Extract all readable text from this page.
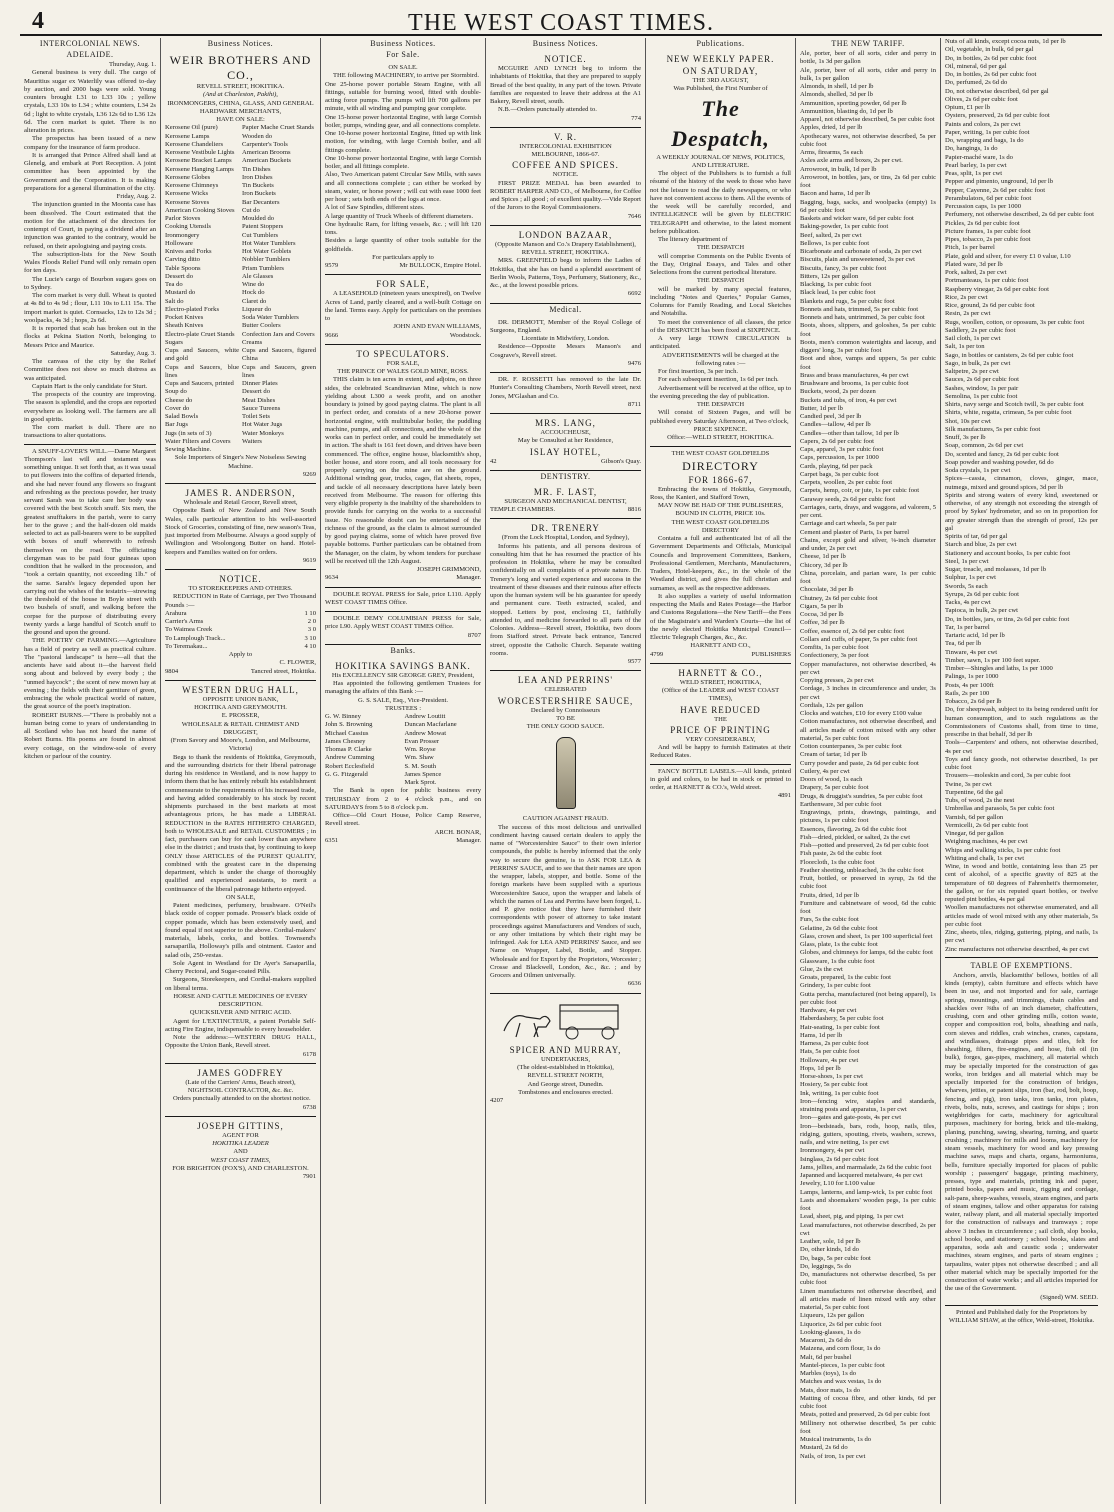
4	THE WEST COAST TIMES.
INTERCOLONIAL NEWS.
ADELAIDE.
Thursday, Aug. 1.

General business is very dull. The cargo of Mauritius sugar ex Waterlily was offered to-day by auction, and 2000 bags were sold. Young counters brought L31 to L33 10s ; yellow crystals, L33 10s to L34 ; white counters, L34 2s 6d ; light to white crystals, L36 12s 6d to L36 12s 6d. The corn market is quiet. There is no alteration in prices.

The prospectus has been issued of a new company for the insurance of farm produce.

It is arranged that Prince Alfred shall land at Glenelg, and embark at Port Reception. A joint committee has been appointed by the Government and the Corporation. It is making preparations for a general illumination of the city.

Friday, Aug. 2.

The injunction granted in the Moonta case has been dissolved. The Court estimated that the motion for the attachment of the directors for contempt of Court, in paying a dividend after an injunction was granted to the contrary, would be refused, on their apologising and paying costs.

The subscription-lists for the New South Wales Floods Relief Fund will only remain open for ten days.

The Lucie's cargo of Bourbon sugars goes on to Sydney.

The corn market is very dull. Wheat is quoted at 4s 8d to 4s 9d ; flour, L11 10s to L11 15s. The import market is quiet. Cornsacks, 12s to 12s 3d ; woolpacks, 4s 3d ; hops, 2s 6d.

It is reported that scab has broken out in the flocks at Pekina Station North, belonging to Messrs Price and Maurice.

Saturday, Aug. 3.

The canvass of the city by the Relief Committee does not show so much distress as was anticipated.

Captain Hart is the only candidate for Sturt.

The prospects of the country are improving. The season is splendid, and the crops are reported everywhere as looking well. The farmers are all in good spirits.

The corn market is dull. There are no transactions to alter quotations.

A SNUFF-LOVER'S WILL.—Dame Margaret Thompson's last will and testament was something unique. It set forth that, as it was usual to put flowers into the coffins of departed friends, and she had never found any flowers so fragrant and refreshing as the precious powder, her trusty servant Sarah was to take care her body was covered with the best Scotch snuff. Six men, the greatest snufftakers in the parish, were to carry her to the grave ; and the half-dozen old maids selected to act as pall-bearers were to be supplied with boxes of snuff wherewith to refresh themselves on the road. The officiating clergyman was to be paid four guineas upon condition that he walked in the procession, and "took a certain quantity, not exceeding 1lb." of the same. Sarah's legacy depended upon her carrying out the wishes of the testatrix—strewing the threshold of the house in Boyle street with two bushels of snuff, and walking before the corpse for the purpose of distributing every twenty yards a large handful of Scotch snuff to the ground and upon the ground.

THE POETRY OF FARMING.—Agriculture has a field of poetry as well as practical culture. The "pastoral landscape" is here—all that the ancients have said about it—the harvest field song about and beloved by every body ; the "unmed haycock" ; the scent of new mown hay at evening ; the fields with their garniture of green, embracing the whole practical world of nature, the great source of the poet's inspiration.

ROBERT BURNS.—"There is probably not a human being come to years of understanding in all Scotland who has not heard the name of Robert Burns. His poems are found in almost every cottage, on the window-sole of every kitchen or parlour of the country.

Business Notices.
WEIR BROTHERS AND CO.,
REVELL STREET, HOKITIKA.
(And at Charleston, Pakihi),
IRONMONGERS, CHINA, GLASS, AND GENERAL HARDWARE MERCHANTS,
HAVE ON SALE:
Kerosene Oil (pure)
Kerosene Lamps
Kerosene Chandeliers
Kerosene Vestibule Lights
Kerosene Bracket Lamps
Kerosene Hanging Lamps
Kerosene Globes
Kerosene Chimneys
Kerosene Wicks
Kerosene Stoves
American Cooking Stoves
Parlor Stoves
Cooking Utensils
Ironmongery
Holloware
Knives and Forks
Carving ditto
Table Spoons
Dessert do
Tea do
Mustard do
Salt do
Electro-plated Forks
Pocket Knives
Sheath Knives
Electro-plate Cruet Stands
Papier Mache Cruet Stands
Wooden do
Carpenter's Tools
American Brooms
American Buckets
Tin Dishes
Iron Dishes
Tin Buckets
Iron Buckets
Bar Decanters
Cut do
Moulded do
Patent Stoppers
Cut Tumblers
Hot Water Tumblers
Hot Water Goblets
Nobbler Tumblers
Prism Tumblers
Ale Glasses
Wine do
Hock do
Claret do
Liqueur do
Soda Water Tumblers
Butter Coolers
Confection Jars and Covers
Sugars	Creams
Cups and Saucers, white and gold
Cups and Saucers, figured China
Cups and Saucers, blue lines
Cups and Saucers, green lines
Cups and Saucers, printed	Dinner Plates
Soup do	Dessert do
Cheese do	Meat Dishes
Cover do	Sauce Tureens
Salad Bowls	Toilet Sets
Bar Jugs	Hot Water Jugs
Jugs (in sets of 3)	Water Monkeys
Water Filters and Covers	Waiters
Sewing Machine.
Sole Importers of Singer's New Noiseless Sewing Machine.
9269
JAMES R. ANDERSON,
Wholesale and Retail Grocer, Revell street,

Opposite Bank of New Zealand and New South Wales, calls particular attention to his well-assorted Stock of Groceries, consisting of fine, new season's Teas, just imported from Melbourne. Always a good supply of Wellington and Woolongong Butter on hand. Hotel-keepers and Families waited on for orders.

9619
NOTICE.
TO STOREKEEPERS AND OTHERS.

REDUCTION in Rate of Carriage, per Two Thousand Pounds :—

Arahura	1 10
Carrier's Arms	2 0
To Waimea Creek	3 0
To Lamplough Track...	3 10
To Teremakau...	4 10
Apply to
C. FLOWER,
9804	Tancred street, Hokitika.
WESTERN DRUG HALL,
OPPOSITE UNION BANK,
HOKITIKA AND GREYMOUTH.
E. PROSSER,
WHOLESALE & RETAIL CHEMIST AND DRUGGIST,
(From Savory and Moore's, London, and Melbourne, Victoria)

Begs to thank the residents of Hokitika, Greymouth, and the surrounding districts for their liberal patronage during his residence in Westland, and is now happy to inform them that he has entirely rebuilt his establishment commensurate to the requirements of his increased trade, and having added considerably to his stock by recent shipments purchased in the best markets at most advantageous prices, he has made a LIBERAL REDUCTION in the RATES HITHERTO CHARGED, both to WHOLESALE and RETAIL CUSTOMERS ; in fact, purchasers can buy for cash lower than anywhere else in the district ; and trusts that, by continuing to keep ONLY those ARTICLES of the PUREST QUALITY, combined with the greatest care in the dispensing department, which is under the charge of thoroughly qualified and experienced assistants, to merit a continuance of the liberal patronage hitherto enjoyed.

ON SALE,

Patent medicines, perfumery, brushware. O'Neil's black oxide of copper pomade. Prosser's black oxide of copper pomade, which has been extensively used, and found equal if not superior to the above. Cordial-makers' materials, labels, corks, and bottles. Townsend's sarsaparilla, Holloway's pills and ointment. Castor and salad oils, 250-vestas.

Sole Agent in Westland for Dr Ayer's Sarsaparilla, Cherry Pectoral, and Sugar-coated Pills.

Surgeons, Storekeepers, and Cordial-makers supplied on liberal terms.

HORSE AND CATTLE MEDICINES OF EVERY DESCRIPTION.
QUICKSILVER AND NITRIC ACID.

Agent for L'EXTINCTEUR, a patent Portable Self-acting Fire Engine, indispensable to every householder.

Note the address:—WESTERN DRUG HALL, Opposite the Union Bank, Revell street.

6178
JAMES GODFREY
(Late of the Carriers' Arms, Beach street),
NIGHTSOIL CONTRACTOR, &c. &c.

Orders punctually attended to on the shortest notice.

6738
JOSEPH GITTINS,
AGENT FOR
HOKITIKA LEADER
AND
WEST COAST TIMES,
FOR BRIGHTON (FOX'S), AND CHARLESTON.
7901
Business Notices.
For Sale.
ON SALE.

THE following MACHINERY, to arrive per Stormbird.

One 25-horse power portable Steam Engine, with all fittings, suitable for burning wood, fitted with double-acting force pumps. The pumps will lift 700 gallons per minute, with all winding and pumping gear complete.
One 15-horse power horizontal Engine, with large Cornish boiler, pumps, winding gear, and all connections complete.
One 10-horse power horizontal Engine, fitted up with link motion, for winding, with large Cornish boiler, and all fittings complete.
One 10-horse power horizontal Engine, with large Cornish boiler, and all fittings complete.
Also, Two American patent Circular Saw Mills, with saws and all connections complete ; can either be worked by steam, water, or horse power ; will cut with ease 1000 feet per hour ; sets both ends of the logs at once.
A lot of Saw Spindles, different sizes.
A large quantity of Truck Wheels of different diameters.
One hydraulic Ram, for lifting vessels, &c. ; will lift 120 tons.
Besides a large quantity of other tools suitable for the goldfields.
For particulars apply to
9579	Mr BULLOCK, Empire Hotel.
FOR SALE,

A LEASEHOLD (nineteen years unexpired), on Twelve Acres of Land, partly cleared, and a well-built Cottage on the land. Terms easy. Apply for particulars on the premises to

JOHN AND EVAN WILLIAMS,
9666	Woodstock.
TO SPECULATORS.
FOR SALE,
THE PRINCE OF WALES GOLD MINE, ROSS.

THIS claim is ten acres in extent, and adjoins, on three sides, the celebrated Scandinavian Mine, which is now yielding about L300 a week profit, and on another boundary is joined by good paying claims. The plant is all in perfect order, and consists of a new 20-horse power horizontal engine, with multitubular boiler, the puddling machine, pumps, and all connections, and the whole of the works can in perfect order, and could be immediately set in action. The shaft is 161 feet down, and drives have been commenced. The office, engine house, blacksmith's shop, boiler house, and store room, and all tools necessary for properly carrying on the mine are on the ground. Additional winding gear, trucks, cages, flat sheets, ropes, and tackle of all necessary descriptions have lately been received from Melbourne. The reason for offering this very eligible property is the inability of the shareholders to provide funds for carrying on the works to a successful issue. No reasonable doubt can be entertained of the richness of the ground, as the claim is almost surrounded by good paying claims, some of which have proved five payable bottoms. Further particulars can be obtained from the Manager, on the claim, by whom tenders for purchase will be received till the 12th August.

JOSEPH GRIMMOND,
9634	Manager.

DOUBLE ROYAL PRESS for Sale, price L110. Apply WEST COAST TIMES Office.

DOUBLE DEMY COLUMBIAN PRESS for Sale, price L90. Apply WEST COAST TIMES Office.

8707
Banks.
HOKITIKA SAVINGS BANK.
His EXCELLENCY SIR GEORGE GREY, President,

Has appointed the following gentlemen Trustees for managing the affairs of this Bank :—

G. S. SALE, Esq., Vice-President.
TRUSTEES :
G. W. Binney
John S. Browning
Michael Cassius
James Chesney
Thomas P. Clarke
Andrew Cumming
Robert Ecclesfield
G. G. Fitzgerald
Andrew Loutitt
Duncan Macfarlane
Andrew Mowat
Evan Prosser
Wm. Royse
Wm. Shaw
S. M. South
James Spence
Mark Sprot.

The Bank is open for public business every THURSDAY from 2 to 4 o'clock p.m., and on SATURDAYS from 5 to 8 o'clock p.m.

Office—Old Court House, Police Camp Reserve, Revell street.

ARCH. BONAR,
6351	Manager.
Business Notices.
NOTICE.

MCGUIRE AND LYNCH beg to inform the inhabitants of Hokitika, that they are prepared to supply Bread of the best quality, in any part of the town. Private families are requested to leave their address at the A1 Bakery, Revell street, south.

N.B.—Orders punctually attended to.

774
V. R.
INTERCOLONIAL EXHIBITION
MELBOURNE, 1866-67.
COFFEE AND SPICES.
NOTICE.

FIRST PRIZE MEDAL has been awarded to ROBERT HARPER AND CO., of Melbourne, for Coffee and Spices ; all good ; of excellent quality.—Vide Report of the Jurors to the Royal Commissioners.

7646
LONDON BAZAAR,
(Opposite Manson and Co.'s Drapery Establishment),
REVELL STREET, HOKITIKA.

MRS. GREENFIELD begs to inform the Ladies of Hokitika, that she has on hand a splendid assortment of Berlin Wools, Patterns, Toys, Perfumery, Stationery, &c., &c., at the lowest possible prices.

6692
Medical.

DR. DERMOTT, Member of the Royal College of Surgeons, England.

Licentiate in Midwifery, London.

Residence—Opposite Messrs Manson's and Cosgrave's, Revell street.

9476

DR. F. ROSSETTI has removed to the late Dr. Hunter's Consulting Chambers, North Revell street, next Jones, M'Glashan and Co.

8711
MRS. LANG,
ACCOUCHEUSE,
May be Consulted at her Residence,
ISLAY HOTEL,
42	Gibson's Quay.
DENTISTRY.
MR. F. LAST,
SURGEON AND MECHANICAL DENTIST,
TEMPLE CHAMBERS.	8816
DR. TRENERY
(From the Lock Hospital, London, and Sydney),

Informs his patients, and all persons desirous of consulting him that he has resumed the practice of his profession in Hokitika, where he may be consulted confidentially on all complaints of a private nature. Dr. Trenery's long and varied experience and success in the treatment of these diseases and their ruinous after effects upon the human system will be his guarantee for speedy and permanent cure. Teeth extracted, scaled, and stopped. Letters by post, enclosing £1, faithfully attended to, and medicine forwarded to all parts of the Colonies. Address—Revell street, Hokitika, two doors from Stafford street. Private back entrance, Tancred street, opposite the Catholic Church. Separate waiting rooms.

9577
LEA AND PERRINS'
CELEBRATED
WORCESTERSHIRE SAUCE,
Declared by Connoisseurs
TO BE
THE ONLY GOOD SAUCE.
CAUTION AGAINST FRAUD.

The success of this most delicious and unrivalled condiment having caused certain dealers to apply the name of "Worcestershire Sauce" to their own inferior compounds, the public is hereby informed that the only way to secure the genuine, is to ASK FOR LEA & PERRINS' SAUCE, and to see that their names are upon the wrapper, labels, stopper, and bottle. Some of the foreign markets have been supplied with a spurious Worcestershire Sauce, upon the wrapper and labels of which the names of Lea and Perrins have been forged, L. and P. give notice that they have furnished their correspondents with power of attorney to take instant proceedings against Manufacturers and Vendors of such, or any other imitations by which their right may be infringed. Ask for LEA AND PERRINS' Sauce, and see Name on Wrapper, Label, Bottle, and Stopper. Wholesale and for Export by the Proprietors, Worcester ; Crosse and Blackwell, London, &c., &c. ; and by Grocers and Oilmen universally.

6636
SPICER AND MURRAY,
UNDERTAKERS,
(The oldest-established in Hokitika),
REVELL STREET NORTH,
And George street, Dunedin.
Tombstones and enclosures erected.
4207
Publications.
NEW WEEKLY PAPER.
ON SATURDAY,
THE 3RD AUGUST,
Was Published, the First Number of
The Despatch,
A WEEKLY JOURNAL OF NEWS, POLITICS, AND LITERATURE.

The object of the Publishers is to furnish a full résumé of the history of the week to those who have not the leisure to read the daily newspapers, or who have not convenient access to them. All the events of the week will be carefully recorded, and INTELLIGENCE will be given by ELECTRIC TELEGRAPH and otherwise, to the latest moment before publication.

The literary department of

THE DESPATCH

will comprise Comments on the Public Events of the Day, Original Essays, and Tales and other Selections from the current periodical literature.

THE DESPATCH

will be marked by many special features, including "Notes and Queries," Popular Games, Columns for Family Reading, and Local Sketches and Notabilia.

To meet the convenience of all classes, the price of the DESPATCH has been fixed at SIXPENCE.

A very large TOWN CIRCULATION is anticipated.

ADVERTISEMENTS will be charged at the following rates :—

For first insertion, 3s per inch.

For each subsequent insertion, 1s 6d per inch.

Advertisement will be received at the office, up to the evening preceding the day of publication.

THE DESPATCH

Will consist of Sixteen Pages, and will be published every Saturday Afternoon, at Two o'clock,

PRICE SIXPENCE.
Office:—WELD STREET, HOKITIKA.
THE WEST COAST GOLDFIELDS
DIRECTORY
FOR 1866-67,

Embracing the towns of Hokitika, Greymouth, Ross, the Kanieri, and Stafford Town,

MAY NOW BE HAD OF THE PUBLISHERS,
BOUND IN CLOTH, PRICE 10s.
THE WEST COAST GOLDFIELDS
DIRECTORY

Contains a full and authenticated list of all the Government Departments and Officials, Municipal Councils and Improvement Committees, Bankers, Professional Gentlemen, Merchants, Manufacturers, Traders, Hotel-keepers, &c., in the whole of the Westland district, and gives the full christian and surnames, as well as the respective addresses.

It also supplies a variety of useful information respecting the Mails and Rates Postage—the Harbor and Customs Regulations—the New Tariff—the Fees of the Magistrate's and Warden's Courts—the list of the newly elected Hokitika Municipal Council—Electric Telegraph Charges, &c., &c.

HARNETT AND CO.,
4799	PUBLISHERS
HARNETT & CO.,
WELD STREET, HOKITIKA,
(Office of the LEADER and WEST COAST TIMES),
HAVE REDUCED
THE
PRICE OF PRINTING
VERY CONSIDERABLY,

And will be happy to furnish Estimates at their Reduced Rates.

FANCY BOTTLE LABELS.—All kinds, printed in gold and colors, to be had in stock or printed to order, at HARNETT & CO.'s, Weld street.

4891
THE NEW TARIFF.
Ale, porter, beer of all sorts, cider and perry in bottle, 1s 3d per gallon
Ale, porter, beer of all sorts, cider and perry in bulk, 1s per gallon
Almonds, in shell, 1d per lb
Almonds, shelled, 3d per lb
Ammunition, sporting powder, 6d per lb
Ammunition, blasting do, 1d per lb
Apparel, not otherwise described, 5s per cubic foot
Apples, dried, 1d per lb
Apothecary wares, not otherwise described, 5s per cubic foot
Arms, firearms, 5s each
Axles axle arms and boxes, 2s per cwt.
Arrowroot, in bulk, 1d per lb
Arrowroot, in bottles, jars, or tins, 2s 6d per cubic foot
Bacon and hams, 1d per lb
Bagging, bags, sacks, and woolpacks (empty) 1s 6d per cubic foot
Baskets and wicker ware, 6d per cubic foot
Baking-powder, 1s per cubic foot
Beef, salted, 2s per cwt
Bellows, 1s per cubic foot
Bicarbonate and carbonate of soda, 2s per cwt
Biscuits, plain and unsweetened, 3s per cwt
Biscuits, fancy, 3s per cubic foot
Bitters, 12s per gallon
Blacking, 1s per cubic foot
Black lead, 1s per cubic foot
Blankets and rugs, 5s per cubic foot
Bonnets and hats, trimmed, 5s per cubic foot
Bonnets and hats, untrimmed, 3s per cubic foot
Boots, shoes, slippers, and goloshes, 5s per cubic foot
Boots, men's common watertights and laceup, and diggers' long, 3s per cubic foot
Boot and shoe, vamps and uppers, 5s per cubic foot
Brass and brass manufactures, 4s per cwt
Brushware and brooms, 1s per cubic foot
Buckets, wood, 2s per dozen
Buckets and tubs, of iron, 4s per cwt
Butter, 1d per lb
Candied peel, 3d per lb
Candles—tallow, 4d per lb
Candles—other than tallow, 1d per lb
Capers, 2s 6d per cubic foot
Caps, apparel, 3s per cubic foot
Caps, percussion, 1s per 1000
Cards, playing, 6d per pack
Carpet bags, 3s per cubic foot
Carpets, woollen, 2s per cubic foot
Carpets, hemp, coir, or jute, 1s per cubic foot
Caraway seeds, 2s 6d per cubic foot
Carriages, carts, drays, and waggons, ad valorem, 5 per cent.
Carriage and cart wheels, 5s per pair
Cement and plaster of Paris, 1s per barrel
Chains, except gold and silver, ⅛-inch diameter and under, 2s per cwt
Cheese, 1d per lb
Chicory, 3d per lb
China, porcelain, and parian ware, 1s per cubic foot
Chocolate, 3d per lb
Chutney, 2s 6d per cubic foot
Cigars, 5s per lb
Cocoa, 3d per lb
Coffee, 3d per lb
Coffee, essence of, 2s 6d per cubic foot
Collars and cuffs, of paper, 5s per cubic foot
Comfits, 1s per cubic foot
Confectionery, 3s per foot
Copper manufactures, not otherwise described, 4s per cwt
Copying presses, 2s per cwt
Cordage, 3 inches in circumference and under, 3s per cwt
Cordials, 12s per gallon
Clocks and watches, £10 for every £100 value
Cotton manufactures, not otherwise described, and all articles made of cotton mixed with any other material, 5s per cubic foot
Cotton counterpanes, 3s per cubic foot
Cream of tartar, 1d per lb
Curry powder and paste, 2s 6d per cubic foot
Cutlery, 4s per cwt
Doors of wood, 1s each
Drapery, 5s per cubic foot
Drugs, & druggist's sundries, 5s per cubic foot
Earthenware, 3d per cubic foot
Engravings, prints, drawings, paintings, and pictures, 1s per cubic foot
Essences, flavoring, 2s 6d the cubic foot
Fish—dried, pickled, or salted, 2s the cwt
Fish—potted and preserved, 2s 6d per cubic foot
Fish paste, 2s 6d the cubic foot
Floorcloth, 1s the cubic foot
Feather sheeting, unbleached, 3s the cubic foot
Fruit, bottled, or preserved in syrup, 2s 6d the cubic foot
Fruits, dried, 1d per lb
Furniture and cabinetware of wood, 6d the cubic foot
Furs, 5s the cubic foot
Gelatine, 2s 6d the cubic foot
Glass, crown and sheet, 1s per 100 superficial feet
Glass, plate, 1s the cubic foot
Globes, and chimneys for lamps, 6d the cubic foot
Glassware, 1s the cubic foot
Glue, 2s the cwt
Groats, prepared, 1s the cubic foot
Grindery, 1s per cubic foot
Gutta percha, manufactured (not being apparel), 1s per cubic foot
Hardware, 4s per cwt
Haberdashery, 5s per cubic foot
Hair-seating, 1s per cubic foot
Hams, 1d per lb
Harness, 2s per cubic foot
Hats, 5s per cubic foot
Holloware, 4s per cwt
Hops, 1d per lb
Horse-shoes, 1s per cwt
Hosiery, 5s per cubic foot
Ink, writing, 1s per cubic foot
Iron—fencing wire, staples and standards, straining posts and apparatus, 1s per cwt
Iron—gates and gate-posts, 4s per cwt
Iron—bedsteads, bars, rods, hoop, nails, tiles, ridging, gutters, spouting, rivets, washers, screws, nails, and wire netting, 1s per cwt
Ironmongery, 4s per cwt
Isinglass, 2s 6d per cubic foot
Jams, jellies, and marmalade, 2s 6d the cubic foot
Japanned and lacquered metalware, 4s per cwt
Jewelry, L10 for L100 value
Lamps, lanterns, and lamp-wick, 1s per cubic foot
Lasts and shoemakers' wooden pegs, 1s per cubic foot
Lead, sheet, pig, and piping, 1s per cwt
Lead manufactures, not otherwise described, 2s per cwt
Leather, sole, 1d per lb
Do, other kinds, 1d do
Do, bags, 5s per cubic foot
Do, leggings, 5s do
Do, manufactures not otherwise described, 5s per cubic foot
Linen manufactures not otherwise described, and all articles made of linen mixed with any other material, 5s per cubic foot
Liqueurs, 12s per gallon
Liquorice, 2s 6d per cubic foot
Looking-glasses, 1s do
Macaroni, 2s 6d do
Maizena, and corn flour, 1s do
Malt, 6d per bushel
Mantel-pieces, 1s per cubic foot
Marbles (toys), 1s do
Matches and wax vestas, 1s do
Mats, door mats, 1s do
Matting of cocoa fibre, and other kinds, 6d per cubic foot
Meats, potted and preserved, 2s 6d per cubic foot
Millinery not otherwise described, 5s per cubic foot
Musical instruments, 1s do
Mustard, 2s 6d do
Nails, of iron, 1s per cwt
Nuts of all kinds, except cocoa nuts, 1d per lb
Oil, vegetable, in bulk, 6d per gal
Do, in bottles, 2s 6d per cubic foot
Oil, mineral, 6d per gal
Do, in bottles, 2s 6d per cubic foot
Do, perfumed, 2s 6d do
Do, not otherwise described, 6d per gal
Olives, 2s 6d per cubic foot
Opium, £1 per lb
Oysters, preserved, 2s 6d per cubic foot
Paints and colors, 2s per cwt
Paper, writing, 1s per cubic foot
Do, wrapping and bags, 1s do
Do, hangings, 1s do
Papier-maché ware, 1s do
Pearl barley, 1s per cwt
Peas, split, 1s per cwt
Pepper and pimento, unground, 1d per lb
Pepper, Cayenne, 2s 6d per cubic foot
Perambulators, 6d per cubic foot
Percussion caps, 1s per 1000
Perfumery, not otherwise described, 2s 6d per cubic foot
Pickles, 2s 6d per cubic foot
Picture frames, 1s per cubic foot
Pipes, tobacco, 2s per cubic foot
Pitch, 1s per barrel
Plate, gold and silver, for every £1 0 value, L10
Plated ware, 3d per lb
Pork, salted, 2s per cwt
Portmanteaus, 1s per cubic foot
Raspberry vinegar, 2s 6d per cubic foot
Rice, 2s per cwt
Rice, ground, 2s 6d per cubic foot
Resin, 2s per cwt
Rugs, woollen, cotton, or opossum, 3s per cubic foot
Saddlery, 2s per cubic foot
Sail cloth, 1s per cwt
Salt, 1s per ton
Sago, in bottles or canisters, 2s 6d per cubic foot
Sago, in bulk, 2s per cwt
Saltpetre, 2s per cwt
Sauces, 2s 6d per cubic foot
Sashes, window, 1s per pair
Semolina, 1s per cubic foot
Shirts, navy serge and Scotch twill, 3s per cubic foot
Shirts, white, regatta, crimean, 5s per cubic foot
Shot, 10s per cwt
Silk manufactures, 5s per cubic foot
Snuff, 3s per lb
Soap, common, 2s 6d per cwt
Do, scented and fancy, 2s 6d per cubic foot
Soap powder and washing powder, 6d do
Soda crystals, 1s per cwt
Spices—cassia, cinnamon, cloves, ginger, mace, nutmegs, mixed and ground spices, 3d per lb
Spirits and strong waters of every kind, sweetened or otherwise, of any strength not exceeding the strength of proof by Sykes' hydrometer, and so on in proportion for any greater strength than the strength of proof, 12s per gal
Spirits of tar, 6d per gal
Starch and blue, 2s per cwt
Stationery and account books, 1s per cubic foot
Steel, 1s per cwt
Sugar, treacle, and molasses, 1d per lb
Sulphur, 1s per cwt
Swords, 5s each
Syrups, 2s 6d per cubic foot
Tacks, 4s per cwt
Tapioca, in bulk, 2s per cwt
Do, in bottles, jars, or tins, 2s 6d per cubic foot
Tar, 1s per barrel
Tartaric acid, 1d per lb
Tea, 6d per lb
Tinware, 4s per cwt
Timber, sawn, 1s per 100 feet super.
Timber—Shingles and laths, 1s per 1000
Palings, 1s per 1000
Posts, 4s per 100ft
Rails, 2s per 100
Tobacco, 2s 6d per lb
Do, for sheepwash, subject to its being rendered unfit for human consumption, and to such regulations as the Commissioners of Customs shall, from time to time, prescribe in that behalf, 3d per lb
Tools—Carpenters' and others, not otherwise described, 4s per cwt
Toys and fancy goods, not otherwise described, 1s per cubic foot
Trousers—moleskin and cord, 3s per cubic foot
Twine, 3s per cwt
Turpentine, 6d the gal
Tubs, of wood, 2s the nest
Umbrellas and parasols, 5s per cubic foot
Varnish, 6d per gallon
Vermicelli, 2s 6d per cubic foot
Vinegar, 6d per gallon
Weighing machines, 4s per cwt
Whips and walking sticks, 1s per cubic foot
Whiting and chalk, 1s per cwt
Wine, in wood and bottle, containing less than 25 per cent of alcohol, of a specific gravity of 825 at the temperature of 60 degrees of Fahrenheit's thermometer, the gallon, or for six reputed quart bottles, or twelve reputed pint bottles, 4s per gal
Woollen manufactures not otherwise enumerated, and all articles made of wool mixed with any other materials, 5s per cubic foot
Zinc, sheets, tiles, ridging, guttering, piping, and nails, 1s per cwt
Zinc manufactures not otherwise described, 4s per cwt
TABLE OF EXEMPTIONS.

Anchors, anvils, blacksmiths' bellows, bottles of all kinds (empty), cabin furniture and effects which have been in use, and not imported and for sale, carriage springs, mountings, and trimmings, chain cables and shackles over ⅜ths of an inch diameter, chaffcutters, crushing, corn and other grinding mills, cotton waste, copper and composition rod, bolts, sheathing and nails, corn sieves and riddles, crab winches, cranes, capstans, and windlasses, drainage pipes and tiles, felt for sheathing, filters, fire-engines, and hose, fish oil (in bulk), forges, gas-pipes, machinery, all material which may be specially imported for the construction of gas works, iron bridges and all material which may be specially imported for the construction of bridges, wharves, jetties, or patent slips, iron (bar, rod, bolt, hoop, fencing, and pig), iron tanks, iron tanks, iron plates, rivets, bolts, nuts, screws, and castings for ships ; iron weighbridges for carts, machinery for agricultural purposes, machinery for boring, brick and tile-making, planing, punching, sawing, shearing, turning, and quartz crushing ; machinery for mills and looms, machinery for steam vessels, machinery for wood and key pressing machine saws, maps and charts, organs, harmoniums, bells, furniture specially imported for places of public worship ; passengers' baggage, printing machinery, presses, type and materials, printing ink and paper, printed books, papers and music, rigging and cordage, salt-pans, sheep-washes, vessels, steam engines, and parts of steam engines, tallow and other apparatus for raising water, railway plant, and all material specially imported for the construction of railways and tramways ; rope above 3 inches in circumference ; sail cloth, slop books, school books, and stationery ; school books, slates and apparatus, soda ash and caustic soda ; underwater machines, steam engines, and parts of steam engines ; tarpaulins, water pipes not otherwise described ; and all other material which may be specially imported for the construction of water works ; and all articles imported for the use of the Government.

(Signed) WM. SEED.
Printed and Published daily for the Proprietors by WILLIAM SHAW, at the office, Weld-street, Hokitika.
